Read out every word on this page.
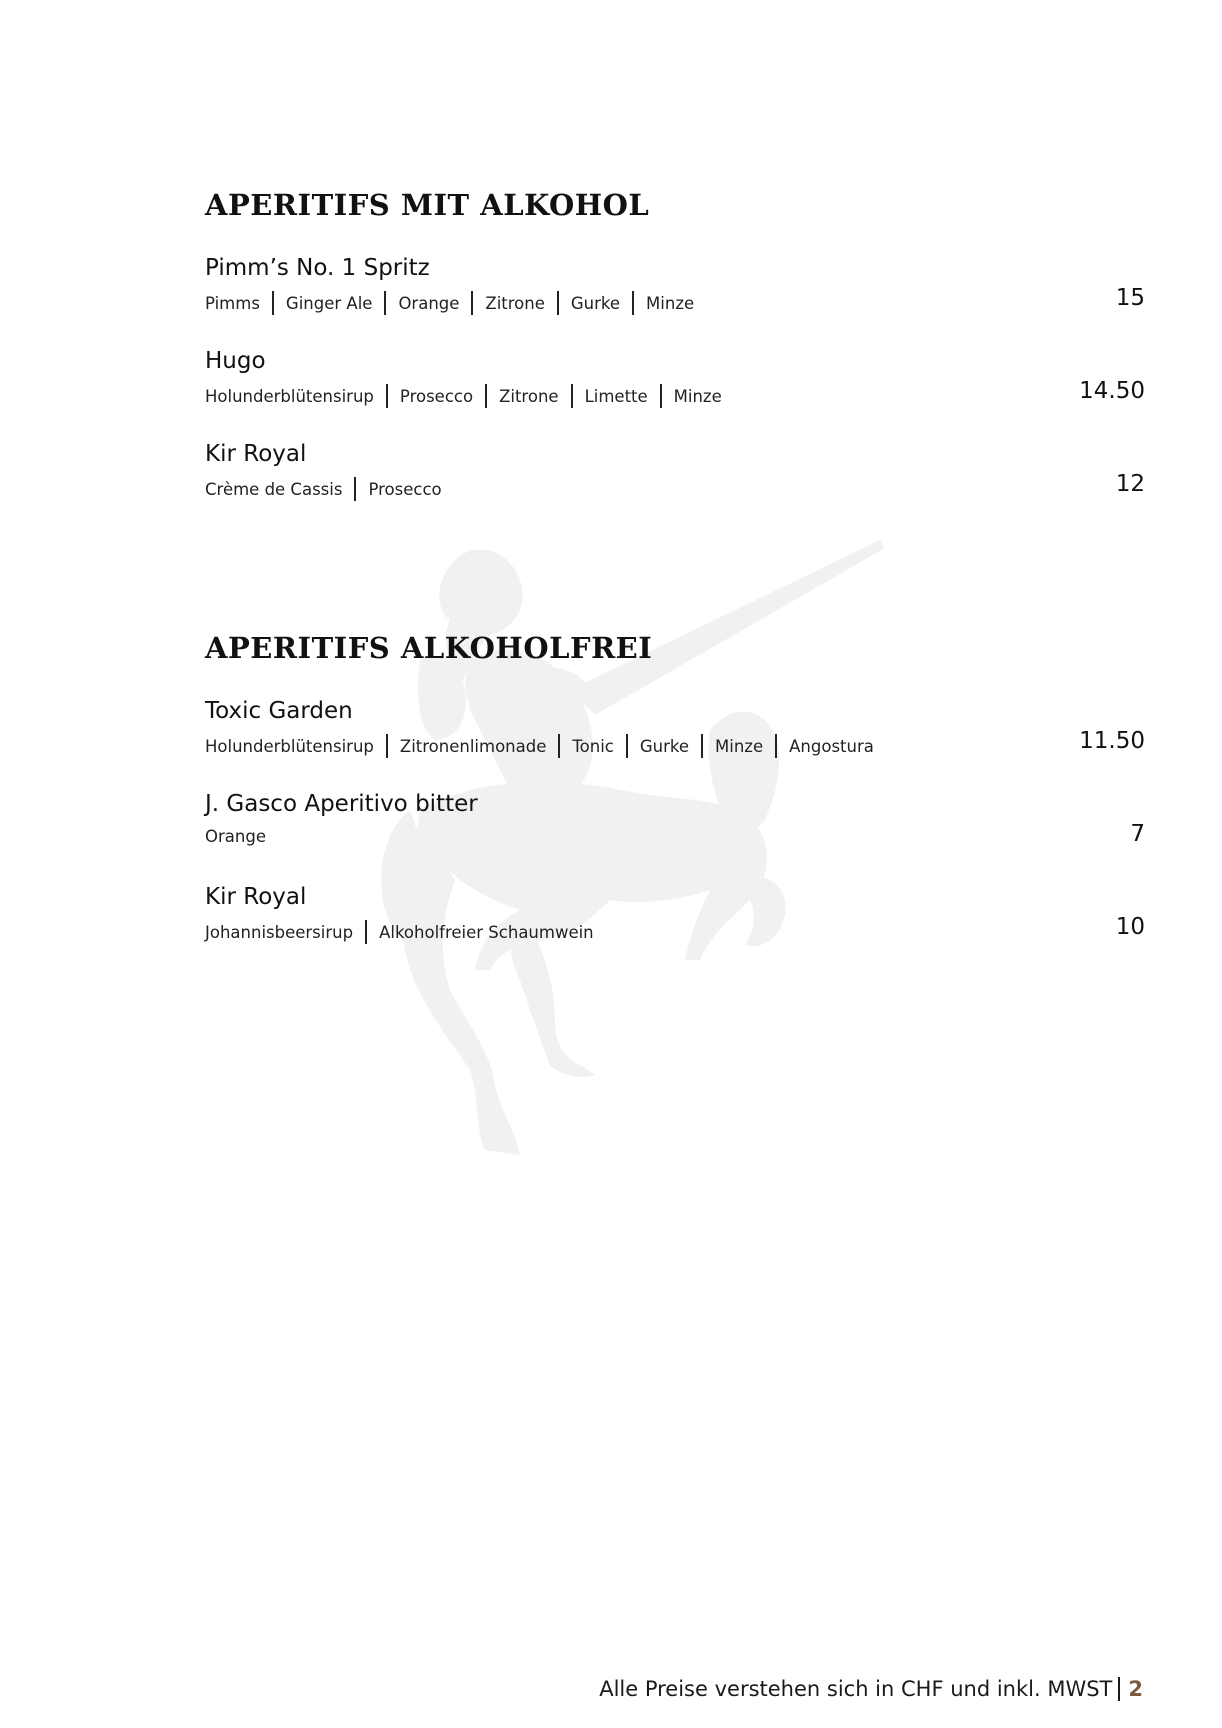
APERITIFS MIT ALKOHOL
Pimm’s No. 1 Spritz
Pimms Ginger Ale Orange Zitrone Gurke Minze	15
Hugo
Holunderblütensirup Prosecco Zitrone Limette Minze	14.50
Kir Royal
Crème de Cassis Prosecco	12
APERITIFS ALKOHOLFREI
Toxic Garden
Holunderblütensirup Zitronenlimonade Tonic Gurke Minze Angostura	11.50
J. Gasco Aperitivo bitter
Orange	7
Kir Royal
Johannisbeersirup Alkoholfreier Schaumwein	10
Alle Preise verstehen sich in CHF und inkl. MWST 2
